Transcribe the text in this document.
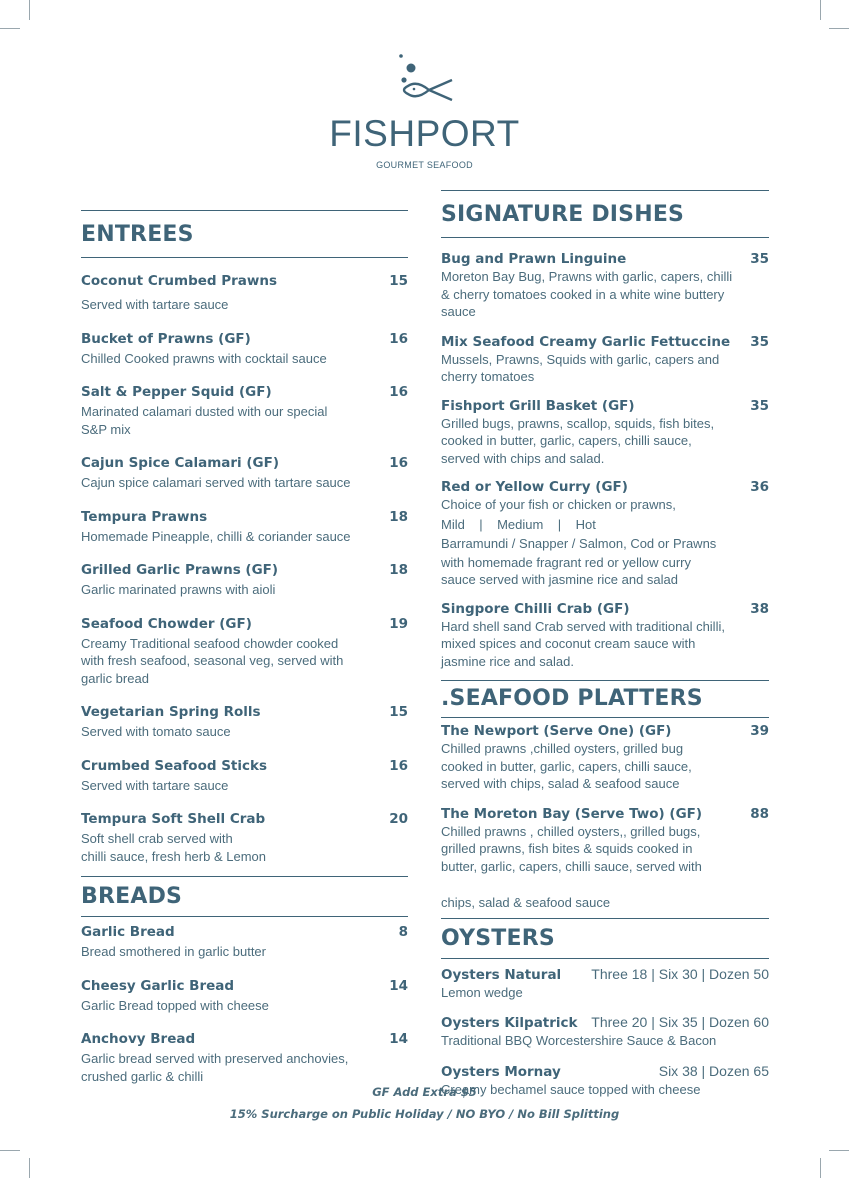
FISHPORT
GOURMET SEAFOOD
ENTREES
Coconut Crumbed Prawns	15
Served with tartare sauce
Bucket of Prawns (GF)	16
Chilled Cooked prawns with cocktail sauce
Salt & Pepper Squid (GF)	16
Marinated calamari dusted with our special
S&P mix
Cajun Spice Calamari (GF)	16
Cajun spice calamari served with tartare sauce
Tempura Prawns	18
Homemade Pineapple, chilli & coriander sauce
Grilled Garlic Prawns (GF)	18
Garlic marinated prawns with aioli
Seafood Chowder (GF)	19
Creamy Traditional seafood chowder cooked
with fresh seafood, seasonal veg, served with
garlic bread
Vegetarian Spring Rolls	15
Served with tomato sauce
Crumbed Seafood Sticks	16
Served with tartare sauce
Tempura Soft Shell Crab	20
Soft shell crab served with
chilli sauce, fresh herb & Lemon
BREADS
Garlic Bread	8
Bread smothered in garlic butter
Cheesy Garlic Bread	14
Garlic Bread topped with cheese
Anchovy Bread	14
Garlic bread served with preserved anchovies,
crushed garlic & chilli
SIGNATURE DISHES
Bug and Prawn Linguine	35
Moreton Bay Bug, Prawns with garlic, capers, chilli
& cherry tomatoes cooked in a white wine buttery
sauce
Mix Seafood Creamy Garlic Fettuccine 35
Mussels, Prawns, Squids with garlic, capers and
cherry tomatoes
Fishport Grill Basket (GF)	35
Grilled bugs, prawns, scallop, squids, fish bites,
cooked in butter, garlic, capers, chilli sauce,
served with chips and salad.
Red or Yellow Curry (GF)	36
Choice of your fish or chicken or prawns,
Mild    |    Medium    |    Hot
Barramundi / Snapper / Salmon, Cod or Prawns
with homemade fragrant red or yellow curry
sauce served with jasmine rice and salad
Singpore Chilli Crab (GF)	38
Hard shell sand Crab served with traditional chilli,
mixed spices and coconut cream sauce with
jasmine rice and salad.
.SEAFOOD PLATTERS
The Newport (Serve One) (GF)	39
Chilled prawns ,chilled oysters, grilled bug
cooked in butter, garlic, capers, chilli sauce,
served with chips, salad & seafood sauce
The Moreton Bay (Serve Two) (GF)	88
Chilled prawns , chilled oysters,, grilled bugs,
grilled prawns, fish bites & squids cooked in
butter, garlic, capers, chilli sauce, served with
chips, salad & seafood sauce
OYSTERS
Oysters Natural Three 18 | Six 30 | Dozen 50
Lemon wedge
Oysters Kilpatrick Three 20 | Six 35 | Dozen 60
Traditional BBQ Worcestershire Sauce & Bacon
Oysters Mornay	Six 38 | Dozen 65
Creamy bechamel sauce topped with cheese
GF Add Extra $5
15% Surcharge on Public Holiday / NO BYO / No Bill Splitting
